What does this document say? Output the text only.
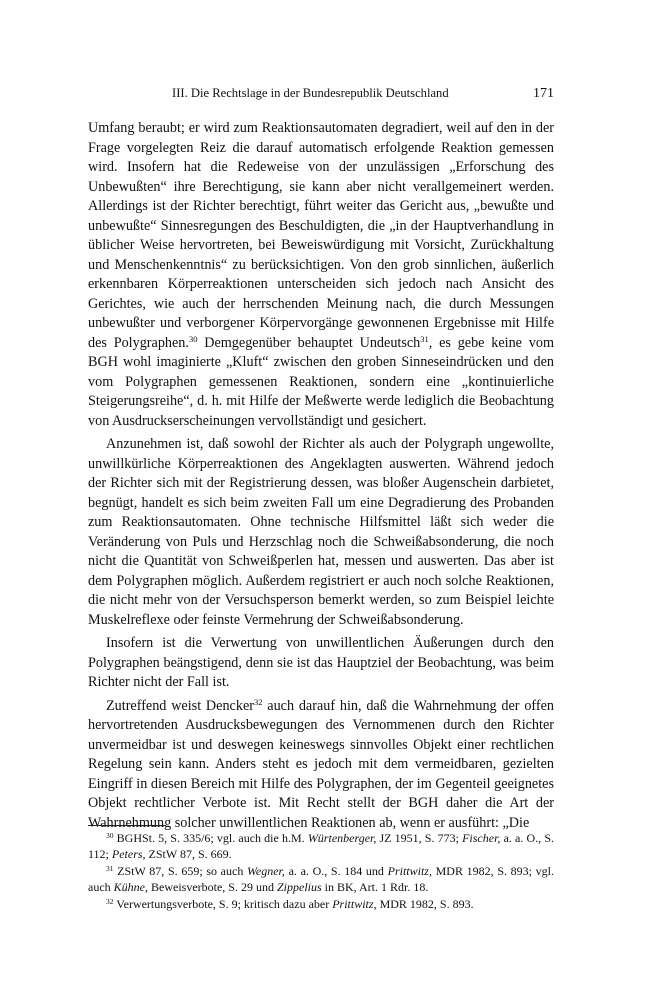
III. Die Rechtslage in der Bundesrepublik Deutschland	171

Umfang beraubt; er wird zum Reaktionsautomaten degradiert, weil auf den in der Frage vorgelegten Reiz die darauf automatisch erfolgende Reaktion gemessen wird. Insofern hat die Redeweise von der unzulässigen „Erforschung des Unbewußten“ ihre Berechtigung, sie kann aber nicht verallgemeinert werden. Allerdings ist der Richter berechtigt, führt weiter das Gericht aus, „bewußte und unbewußte“ Sinnesregungen des Beschuldigten, die „in der Hauptverhandlung in üblicher Weise hervortreten, bei Beweiswürdigung mit Vorsicht, Zurückhaltung und Menschenkenntnis“ zu berücksichtigen. Von den grob sinnlichen, äußerlich erkennbaren Körperreaktionen unterscheiden sich jedoch nach Ansicht des Gerichtes, wie auch der herrschenden Meinung nach, die durch Messungen unbewußter und verborgener Körpervorgänge gewonnenen Ergebnisse mit Hilfe des Polygraphen.$^{30}$ Demgegenüber behauptet Undeutsch$^{31}$, es gebe keine vom BGH wohl imaginierte „Kluft“ zwischen den groben Sinneseindrücken und den vom Polygraphen gemessenen Reaktionen, sondern eine „kontinuierliche Steigerungsreihe“, d. h. mit Hilfe der Meßwerte werde lediglich die Beobachtung von Ausdruckserscheinungen vervollständigt und gesichert.

Anzunehmen ist, daß sowohl der Richter als auch der Polygraph ungewollte, unwillkürliche Körperreaktionen des Angeklagten auswerten. Während jedoch der Richter sich mit der Registrierung dessen, was bloßer Augenschein darbietet, begnügt, handelt es sich beim zweiten Fall um eine Degradierung des Probanden zum Reaktionsautomaten. Ohne technische Hilfsmittel läßt sich weder die Veränderung von Puls und Herzschlag noch die Schweißabsonderung, die noch nicht die Quantität von Schweißperlen hat, messen und auswerten. Das aber ist dem Polygraphen möglich. Außerdem registriert er auch noch solche Reaktionen, die nicht mehr von der Versuchsperson bemerkt werden, so zum Beispiel leichte Muskelreflexe oder feinste Vermehrung der Schweißabsonderung.

Insofern ist die Verwertung von unwillentlichen Äußerungen durch den Polygraphen beängstigend, denn sie ist das Hauptziel der Beobachtung, was beim Richter nicht der Fall ist.

Zutreffend weist Dencker$^{32}$ auch darauf hin, daß die Wahrnehmung der offen hervortretenden Ausdrucksbewegungen des Vernommenen durch den Richter unvermeidbar ist und deswegen keineswegs sinnvolles Objekt einer rechtlichen Regelung sein kann. Anders steht es jedoch mit dem vermeidbaren, gezielten Eingriff in diesen Bereich mit Hilfe des Polygraphen, der im Gegenteil geeignetes Objekt rechtlicher Verbote ist. Mit Recht stellt der BGH daher die Art der Wahrnehmung solcher unwillentlichen Reaktionen ab, wenn er ausführt: „Die

$^{30}$ BGHSt. 5, S. 335/6; vgl. auch die h.M. Würtenberger, JZ 1951, S. 773; Fischer, a. a. O., S. 112; Peters, ZStW 87, S. 669.

$^{31}$ ZStW 87, S. 659; so auch Wegner, a. a. O., S. 184 und Prittwitz, MDR 1982, S. 893; vgl. auch Kühne, Beweisverbote, S. 29 und Zippelius in BK, Art. 1 Rdr. 18.

$^{32}$ Verwertungsverbote, S. 9; kritisch dazu aber Prittwitz, MDR 1982, S. 893.
